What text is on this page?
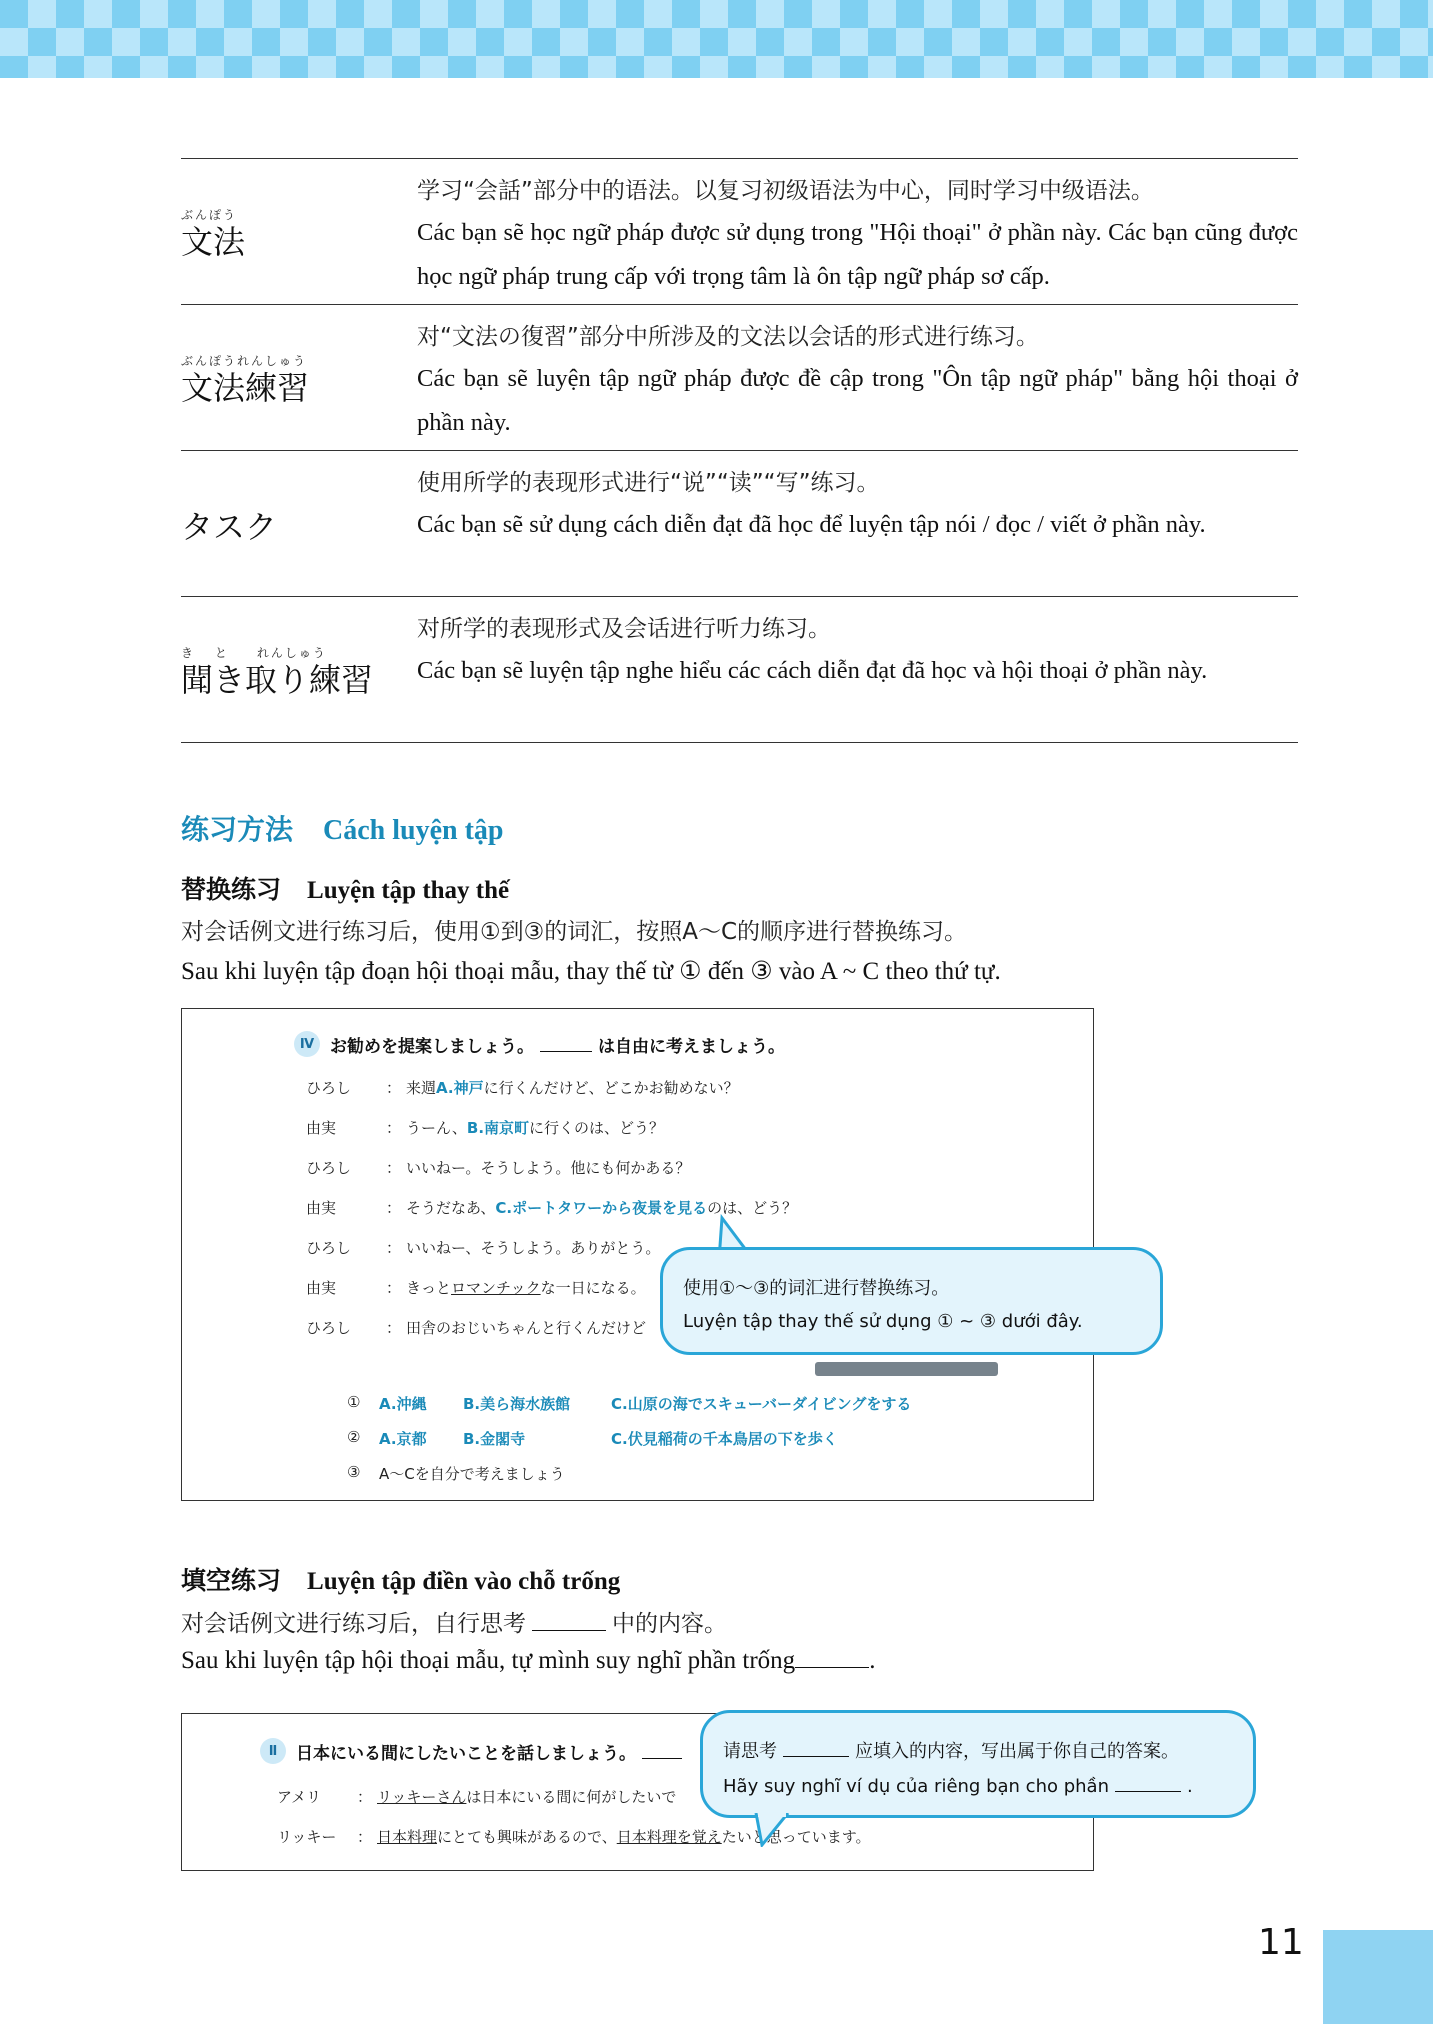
ぶんぽう
文法
学习“会話”部分中的语法。以复习初级语法为中心，同时学习中级语法。
Các bạn sẽ học ngữ pháp được sử dụng trong "Hội thoại" ở phần này. Các bạn cũng được học ngữ pháp trung cấp với trọng tâm là ôn tập ngữ pháp sơ cấp.
ぶんぽうれんしゅう
文法練習
对“文法の復習”部分中所涉及的文法以会话的形式进行练习。
Các bạn sẽ luyện tập ngữ pháp được đề cập trong "Ôn tập ngữ pháp" bằng hội thoại ở phần này.
タスク
使用所学的表现形式进行“说”“读”“写”练习。
Các bạn sẽ sử dụng cách diễn đạt đã học để luyện tập nói / đọc / viết ở phần này.
き　 と　　れんしゅう
聞き取り練習
对所学的表现形式及会话进行听力练习。
Các bạn sẽ luyện tập nghe hiểu các cách diễn đạt đã học và hội thoại ở phần này.
练习方法 Cách luyện tập
替换练习 Luyện tập thay thế
对会话例文进行练习后，使用①到③的词汇，按照A～C的顺序进行替换练习。
Sau khi luyện tập đoạn hội thoại mẫu, thay thế từ ① đến ③ vào A ~ C theo thứ tự.
Ⅳ お勧めを提案しましょう。	は自由に考えましょう。
ひろし	： 来週 A.神戸 に行くんだけど、どこかお勧めない？
由実	： うーん、 B.南京町 に行くのは、どう？
ひろし	： いいねー。そうしよう。他にも何かある？
由実	： そうだなあ、 C.ポートタワーから夜景を見る のは、どう？
ひろし	： いいねー、そうしよう。ありがとう。
由実	： きっと ロマンチック な一日になる。
ひろし	： 田舎のおじいちゃんと行くんだけど
①	A.沖縄	B.美ら海水族館	C.山原の海でスキューバーダイビングをする
②	A.京都	B.金閣寺	C.伏見稲荷の千本鳥居の下を歩く
③	A～Cを自分で考えましょう
使用①～③的词汇进行替换练习。
Luyện tập thay thế sử dụng ① ~ ③ dưới đây.
填空练习 Luyện tập điền vào chỗ trống
对会话例文进行练习后，自行思考	中的内容。
Sau khi luyện tập hội thoại mẫu, tự mình suy nghĩ phần trống	.
Ⅱ	日本にいる間にしたいことを話しましょう。
アメリ	： リッキーさん は日本にいる間に何がしたいで
リッキー	： 日本料理 にとても興味があるので、 日本料理を覚え たいと思っています。
请思考	应填入的内容，写出属于你自己的答案。
Hãy suy nghĩ ví dụ của riêng bạn cho phần	.
11
